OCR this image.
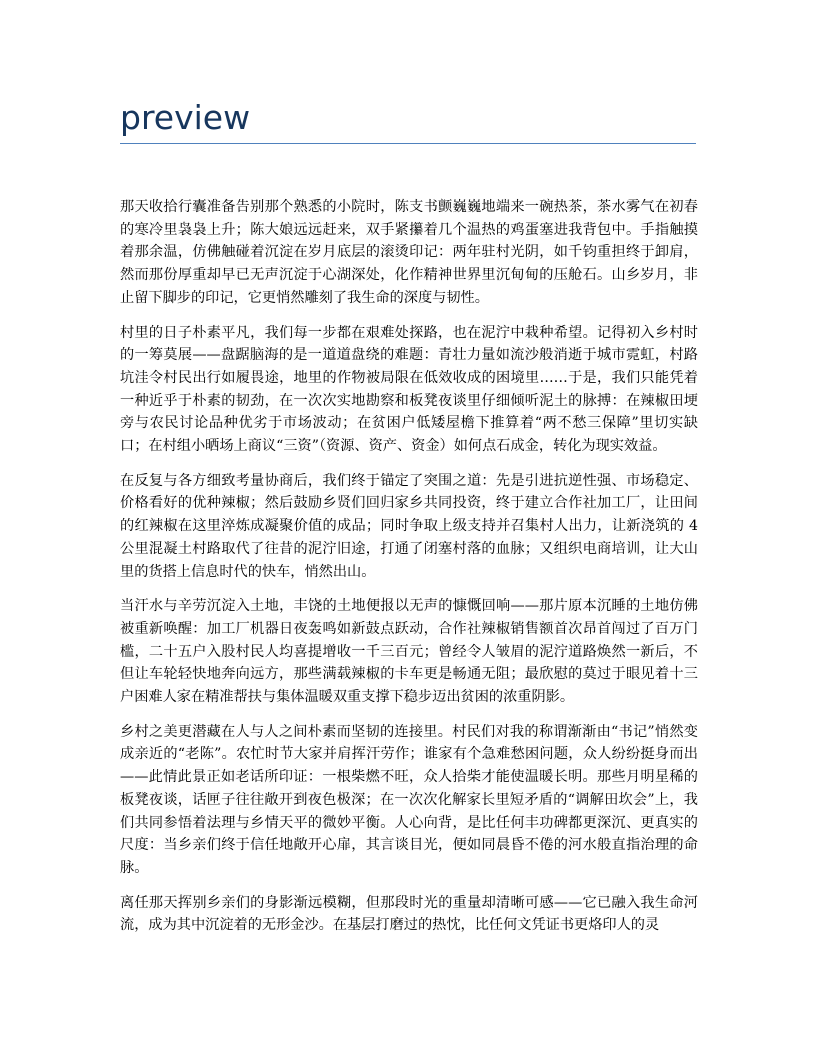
preview

那天收拾行囊准备告别那个熟悉的小院时，陈支书颤巍巍地端来一碗热茶，茶水雾气在初春的寒冷里袅袅上升；陈大娘远远赶来，双手紧攥着几个温热的鸡蛋塞进我背包中。手指触摸着那余温，仿佛触碰着沉淀在岁月底层的滚烫印记：两年驻村光阴，如千钧重担终于卸肩，然而那份厚重却早已无声沉淀于心湖深处，化作精神世界里沉甸甸的压舱石。山乡岁月，非止留下脚步的印记，它更悄然雕刻了我生命的深度与韧性。

村里的日子朴素平凡，我们每一步都在艰难处探路，也在泥泞中栽种希望。记得初入乡村时的一筹莫展——盘踞脑海的是一道道盘绕的难题：青壮力量如流沙般消逝于城市霓虹，村路坑洼令村民出行如履畏途，地里的作物被局限在低效收成的困境里……于是，我们只能凭着一种近乎于朴素的韧劲，在一次次实地勘察和板凳夜谈里仔细倾听泥土的脉搏：在辣椒田埂旁与农民讨论品种优劣于市场波动；在贫困户低矮屋檐下推算着“两不愁三保障”里切实缺口；在村组小晒场上商议“三资”（资源、资产、资金）如何点石成金，转化为现实效益。

在反复与各方细致考量协商后，我们终于锚定了突围之道：先是引进抗逆性强、市场稳定、价格看好的优种辣椒；然后鼓励乡贤们回归家乡共同投资，终于建立合作社加工厂，让田间的红辣椒在这里淬炼成凝聚价值的成品；同时争取上级支持并召集村人出力，让新浇筑的 4 公里混凝土村路取代了往昔的泥泞旧途，打通了闭塞村落的血脉；又组织电商培训，让大山里的货搭上信息时代的快车，悄然出山。

当汗水与辛劳沉淀入土地，丰饶的土地便报以无声的慷慨回响——那片原本沉睡的土地仿佛被重新唤醒：加工厂机器日夜轰鸣如新鼓点跃动，合作社辣椒销售额首次昂首闯过了百万门槛，二十五户入股村民人均喜提增收一千三百元；曾经令人皱眉的泥泞道路焕然一新后，不但让车轮轻快地奔向远方，那些满载辣椒的卡车更是畅通无阻；最欣慰的莫过于眼见着十三户困难人家在精准帮扶与集体温暖双重支撑下稳步迈出贫困的浓重阴影。

乡村之美更潜藏在人与人之间朴素而坚韧的连接里。村民们对我的称谓渐渐由“书记”悄然变成亲近的“老陈”。农忙时节大家并肩挥汗劳作；谁家有个急难愁困问题，众人纷纷挺身而出——此情此景正如老话所印证：一根柴燃不旺，众人拾柴才能使温暖长明。那些月明星稀的板凳夜谈，话匣子往往敞开到夜色极深；在一次次化解家长里短矛盾的“调解田坎会”上，我们共同参悟着法理与乡情天平的微妙平衡。人心向背，是比任何丰功碑都更深沉、更真实的尺度：当乡亲们终于信任地敞开心扉，其言谈目光，便如同晨昏不倦的河水般直指治理的命脉。

离任那天挥别乡亲们的身影渐远模糊，但那段时光的重量却清晰可感——它已融入我生命河流，成为其中沉淀着的无形金沙。在基层打磨过的热忱，比任何文凭证书更烙印人的灵
